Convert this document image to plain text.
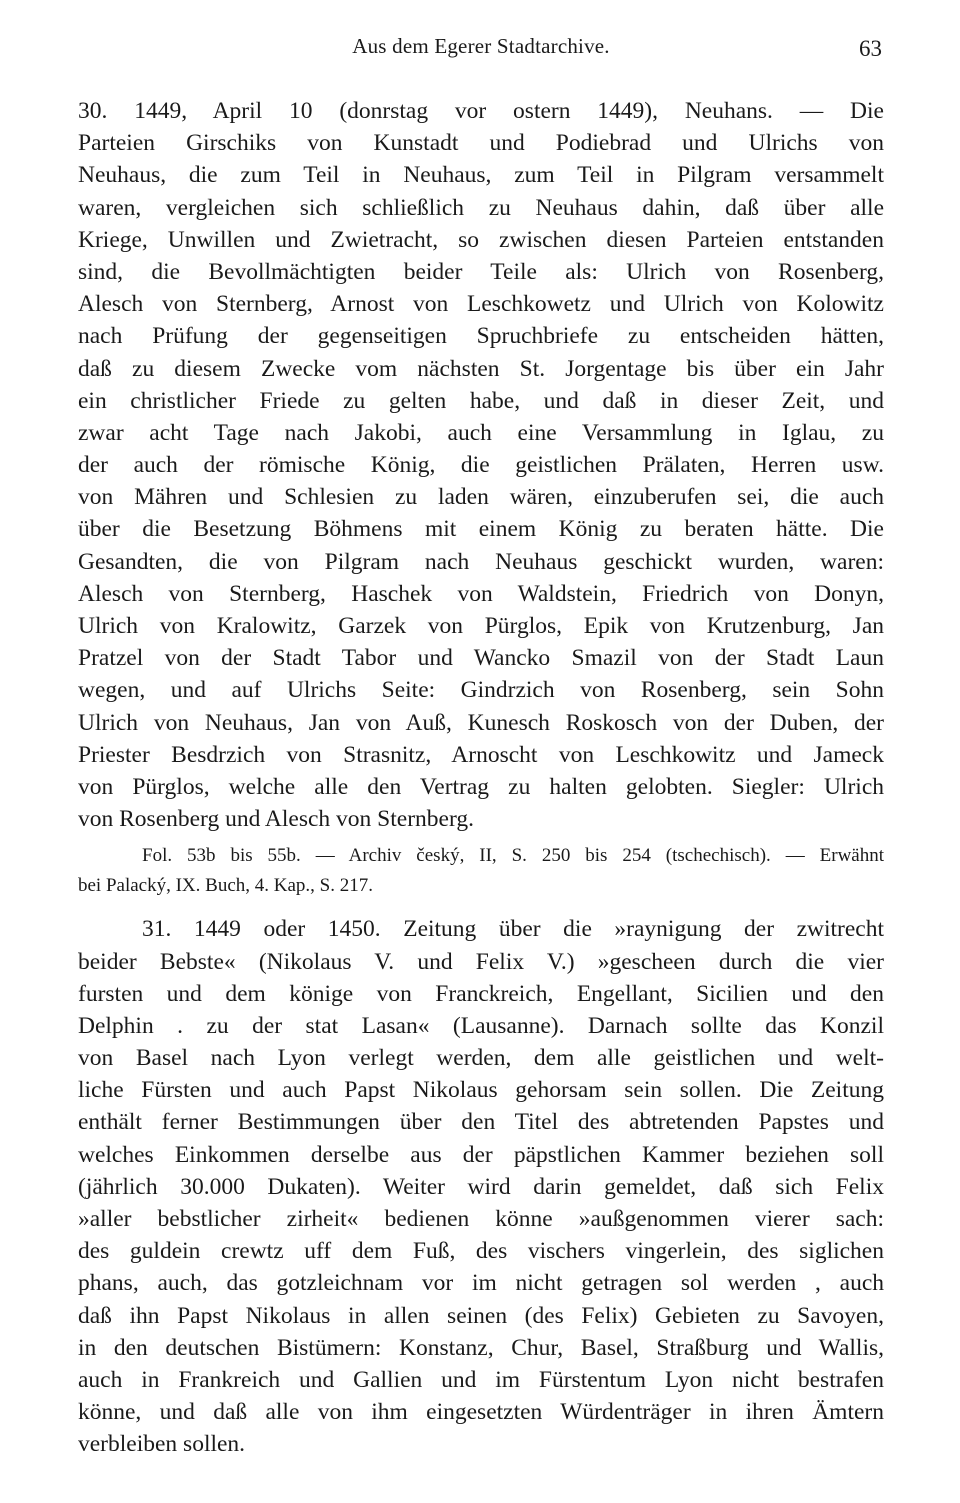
Aus dem Egerer Stadtarchive.	63
30. 1449, April 10 (donrstag vor ostern 1449), Neuhans. — Die
Parteien Girschiks von Kunstadt und Podiebrad und Ulrichs von
Neuhaus, die zum Teil in Neuhaus, zum Teil in Pilgram versammelt
waren, vergleichen sich schließlich zu Neuhaus dahin, daß über alle
Kriege, Unwillen und Zwietracht, so zwischen diesen Parteien entstanden
sind, die Bevollmächtigten beider Teile als: Ulrich von Rosenberg,
Alesch von Sternberg, Arnost von Leschkowetz und Ulrich von Kolowitz
nach Prüfung der gegenseitigen Spruchbriefe zu entscheiden hätten,
daß zu diesem Zwecke vom nächsten St. Jorgentage bis über ein Jahr
ein christlicher Friede zu gelten habe, und daß in dieser Zeit, und
zwar acht Tage nach Jakobi, auch eine Versammlung in Iglau, zu
der auch der römische König, die geistlichen Prälaten, Herren usw.
von Mähren und Schlesien zu laden wären, einzuberufen sei, die auch
über die Besetzung Böhmens mit einem König zu beraten hätte. Die
Gesandten, die von Pilgram nach Neuhaus geschickt wurden, waren:
Alesch von Sternberg, Haschek von Waldstein, Friedrich von Donyn,
Ulrich von Kralowitz, Garzek von Pürglos, Epik von Krutzenburg, Jan
Pratzel von der Stadt Tabor und Wancko Smazil von der Stadt Laun
wegen, und auf Ulrichs Seite: Gindrzich von Rosenberg, sein Sohn
Ulrich von Neuhaus, Jan von Auß, Kunesch Roskosch von der Duben, der
Priester Besdrzich von Strasnitz, Arnoscht von Leschkowitz und Jameck
von Pürglos, welche alle den Vertrag zu halten gelobten. Siegler: Ulrich
von Rosenberg und Alesch von Sternberg.
Fol. 53b bis 55b. — Archiv český, II, S. 250 bis 254 (tschechisch). — Erwähnt
bei Palacký, IX. Buch, 4. Kap., S. 217.
31. 1449 oder 1450. Zeitung über die »raynigung der zwitrecht
beider Bebste« (Nikolaus V. und Felix V.) »gescheen durch die vier
fursten und dem könige von Franckreich, Engellant, Sicilien und den
Delphin . zu der stat Lasan« (Lausanne). Darnach sollte das Konzil
von Basel nach Lyon verlegt werden, dem alle geistlichen und welt-
liche Fürsten und auch Papst Nikolaus gehorsam sein sollen. Die Zeitung
enthält ferner Bestimmungen über den Titel des abtretenden Papstes und
welches Einkommen derselbe aus der päpstlichen Kammer beziehen soll
(jährlich 30.000 Dukaten). Weiter wird darin gemeldet, daß sich Felix
»aller bebstlicher zirheit« bedienen könne »außgenommen vierer sach:
des guldein crewtz uff dem Fuß, des vischers vingerlein, des siglichen
phans, auch, das gotzleichnam vor im nicht getragen sol werden , auch
daß ihn Papst Nikolaus in allen seinen (des Felix) Gebieten zu Savoyen,
in den deutschen Bistümern: Konstanz, Chur, Basel, Straßburg und Wallis,
auch in Frankreich und Gallien und im Fürstentum Lyon nicht bestrafen
könne, und daß alle von ihm eingesetzten Würdenträger in ihren Ämtern
verbleiben sollen.
